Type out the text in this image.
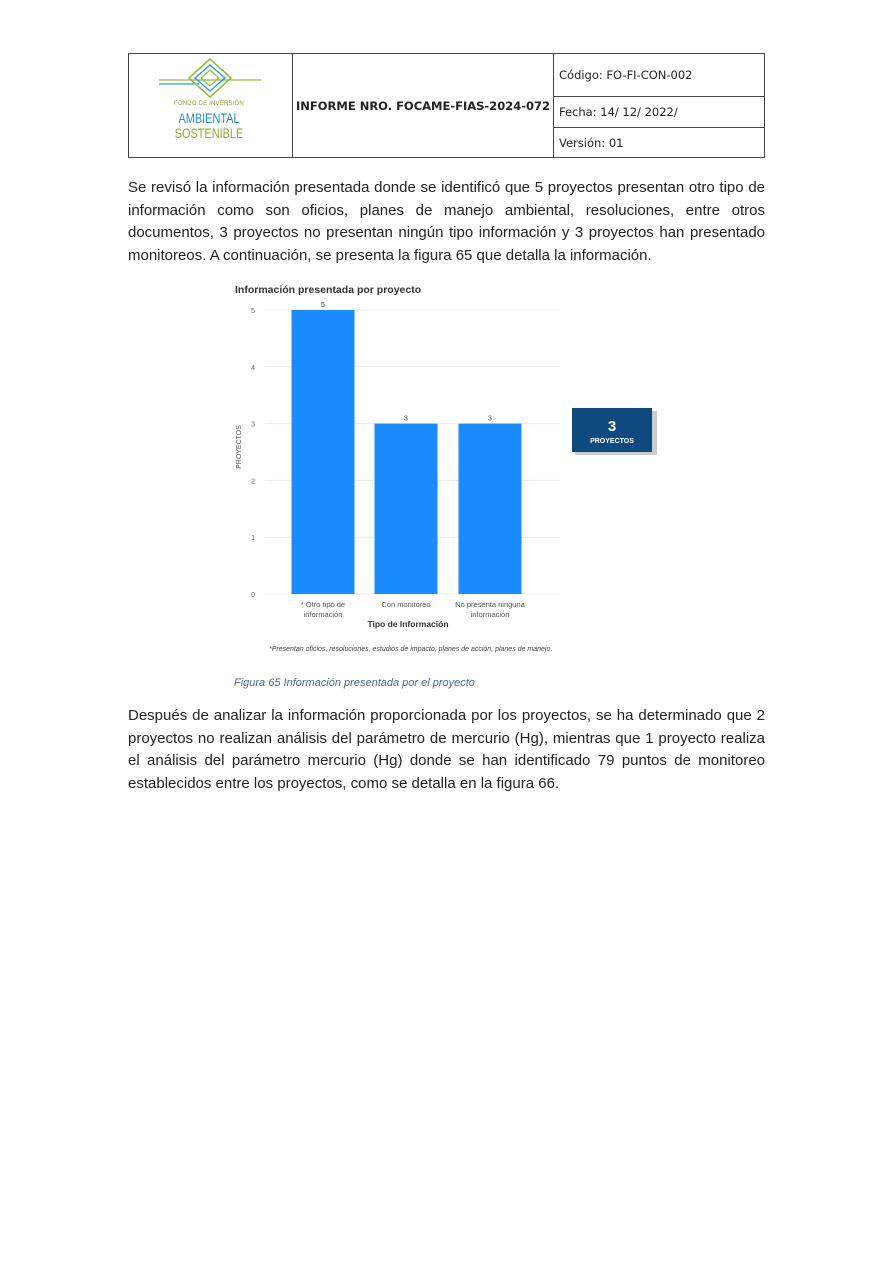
FONDO DE INVERSIÓN
AMBIENTAL
SOSTENIBLE
	INFORME NRO. FOCAME-FIAS-2024-072	Código: FO-FI-CON-002
Fecha: 14/ 12/ 2022/
Versión: 01

Se revisó la información presentada donde se identificó que 5 proyectos presentan otro tipo de información como son oficios, planes de manejo ambiental, resoluciones, entre otros documentos, 3 proyectos no presentan ningún tipo información y 3 proyectos han presentado monitoreos. A continuación, se presenta la figura 65 que detalla la información.

Información presentada por proyecto
0
1
2
3
4
5
5
3	3
* Otro tipo de información
Con monitoreo	No presenta ninguna información
PROYECTOS
Tipo de Información
*Presentan oficios, resoluciones, estudios de impacto, planes de acción, planes de manejo.
3
PROYECTOS

Figura 65 Información presentada por el proyecto

Después de analizar la información proporcionada por los proyectos, se ha determinado que 2 proyectos no realizan análisis del parámetro de mercurio (Hg), mientras que 1 proyecto realiza el análisis del parámetro mercurio (Hg) donde se han identificado 79 puntos de monitoreo establecidos entre los proyectos, como se detalla en la figura 66.
